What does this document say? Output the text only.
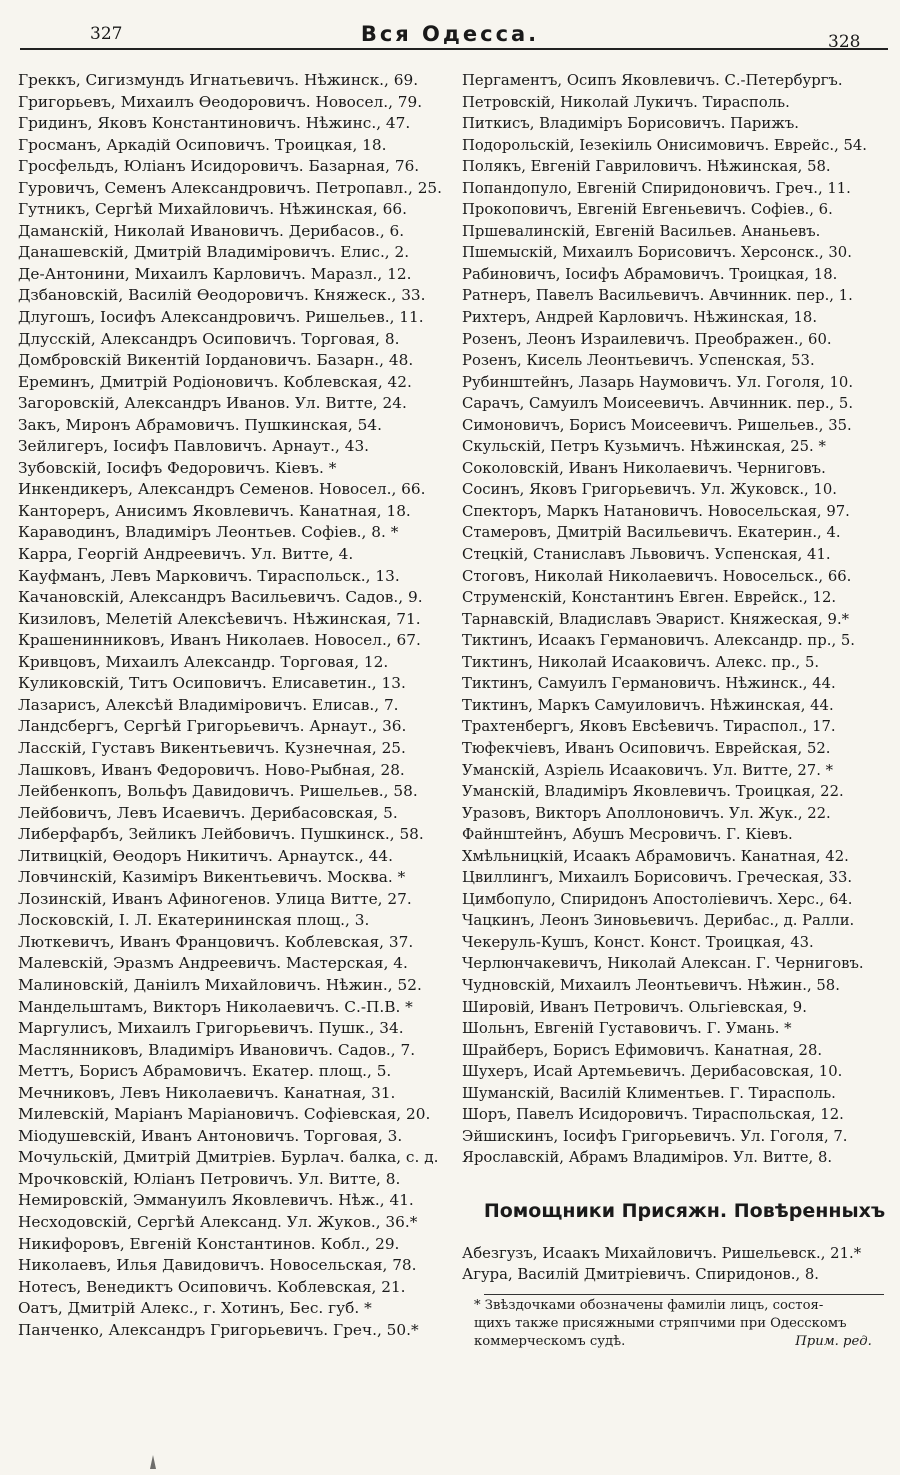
327	Вся Одесса.	328
Греккъ, Сигизмундъ Игнатьевичъ. Нѣжинск., 69.
Григорьевъ, Михаилъ Өеодоровичъ. Новосел., 79.
Гридинъ, Яковъ Константиновичъ. Нѣжинс., 47.
Гросманъ, Аркадій Осиповичъ. Троицкая, 18.
Гросфельдъ, Юліанъ Исидоровичъ. Базарная, 76.
Гуровичъ, Семенъ Александровичъ. Петропавл., 25.
Гутникъ, Сергѣй Михайловичъ. Нѣжинская, 66.
Даманскій, Николай Ивановичъ. Дерибасов., 6.
Данашевскій, Дмитрій Владиміровичъ. Елис., 2.
Де-Антонини, Михаилъ Карловичъ. Маразл., 12.
Дзбановскій, Василій Өеодоровичъ. Княжеск., 33.
Длугошъ, Іосифъ Александровичъ. Ришельев., 11.
Длусскій, Александръ Осиповичъ. Торговая, 8.
Домбровскій Викентій Іордановичъ. Базарн., 48.
Ереминъ, Дмитрій Родіоновичъ. Коблевская, 42.
Загоровскій, Александръ Иванов. Ул. Витте, 24.
Закъ, Миронъ Абрамовичъ. Пушкинская, 54.
Зейлигеръ, Іосифъ Павловичъ. Арнаут., 43.
Зубовскій, Іосифъ Федоровичъ. Кіевъ. *
Инкендикеръ, Александръ Семенов. Новосел., 66.
Кантореръ, Анисимъ Яковлевичъ. Канатная, 18.
Караводинъ, Владиміръ Леонтьев. Софіев., 8. *
Карра, Георгій Андреевичъ. Ул. Витте, 4.
Кауфманъ, Левъ Марковичъ. Тираспольск., 13.
Качановскій, Александръ Васильевичъ. Садов., 9.
Кизиловъ, Мелетій Алексѣевичъ. Нѣжинская, 71.
Крашенинниковъ, Иванъ Николаев. Новосел., 67.
Кривцовъ, Михаилъ Александр. Торговая, 12.
Куликовскій, Титъ Осиповичъ. Елисаветин., 13.
Лазарисъ, Алексѣй Владиміровичъ. Елисав., 7.
Ландсбергъ, Сергѣй Григорьевичъ. Арнаут., 36.
Ласскій, Густавъ Викентьевичъ. Кузнечная, 25.
Лашковъ, Иванъ Федоровичъ. Ново-Рыбная, 28.
Лейбенкопъ, Вольфъ Давидовичъ. Ришельев., 58.
Лейбовичъ, Левъ Исаевичъ. Дерибасовская, 5.
Либерфарбъ, Зейликъ Лейбовичъ. Пушкинск., 58.
Литвицкій, Өеодоръ Никитичъ. Арнаутск., 44.
Ловчинскій, Казиміръ Викентьевичъ. Москва. *
Лозинскій, Иванъ Афиногенов. Улица Витте, 27.
Лосковскій, І. Л. Екатерининская площ., 3.
Люткевичъ, Иванъ Францовичъ. Коблевская, 37.
Малевскій, Эразмъ Андреевичъ. Мастерская, 4.
Малиновскій, Даніилъ Михайловичъ. Нѣжин., 52.
Мандельштамъ, Викторъ Николаевичъ. С.-П.В. *
Маргулисъ, Михаилъ Григорьевичъ. Пушк., 34.
Маслянниковъ, Владиміръ Ивановичъ. Садов., 7.
Меттъ, Борисъ Абрамовичъ. Екатер. площ., 5.
Мечниковъ, Левъ Николаевичъ. Канатная, 31.
Милевскій, Маріанъ Маріановичъ. Софіевская, 20.
Міодушевскій, Иванъ Антоновичъ. Торговая, 3.
Мочульскій, Дмитрій Дмитріев. Бурлач. балка, с. д.
Мрочковскій, Юліанъ Петровичъ. Ул. Витте, 8.
Немировскій, Эммануилъ Яковлевичъ. Нѣж., 41.
Несходовскій, Сергѣй Александ. Ул. Жуков., 36.*
Никифоровъ, Евгеній Константинов. Кобл., 29.
Николаевъ, Илья Давидовичъ. Новосельская, 78.
Нотесъ, Венедиктъ Осиповичъ. Коблевская, 21.
Оатъ, Дмитрій Алекс., г. Хотинъ, Бес. губ. *
Панченко, Александръ Григорьевичъ. Греч., 50.*
Пергаментъ, Осипъ Яковлевичъ. С.-Петербургъ.
Петровскій, Николай Лукичъ. Тирасполь.
Питкисъ, Владиміръ Борисовичъ. Парижъ.
Подорольскій, Іезекіиль Онисимовичъ. Еврейс., 54.
Полякъ, Евгеній Гавриловичъ. Нѣжинская, 58.
Попандопуло, Евгеній Спиридоновичъ. Греч., 11.
Прокоповичъ, Евгеній Евгеньевичъ. Софіев., 6.
Пршевалинскій, Евгеній Васильев. Ананьевъ.
Пшемыскій, Михаилъ Борисовичъ. Херсонск., 30.
Рабиновичъ, Іосифъ Абрамовичъ. Троицкая, 18.
Ратнеръ, Павелъ Васильевичъ. Авчинник. пер., 1.
Рихтеръ, Андрей Карловичъ. Нѣжинская, 18.
Розенъ, Леонъ Израилевичъ. Преображен., 60.
Розенъ, Кисель Леонтьевичъ. Успенская, 53.
Рубинштейнъ, Лазарь Наумовичъ. Ул. Гоголя, 10.
Сарачъ, Самуилъ Моисеевичъ. Авчинник. пер., 5.
Симоновичъ, Борисъ Моисеевичъ. Ришельев., 35.
Скульскій, Петръ Кузьмичъ. Нѣжинская, 25. *
Соколовскій, Иванъ Николаевичъ. Черниговъ.
Сосинъ, Яковъ Григорьевичъ. Ул. Жуковск., 10.
Спекторъ, Маркъ Натановичъ. Новосельская, 97.
Стамеровъ, Дмитрій Васильевичъ. Екатерин., 4.
Стецкій, Станиславъ Львовичъ. Успенская, 41.
Стоговъ, Николай Николаевичъ. Новосельск., 66.
Струменскій, Константинъ Евген. Еврейск., 12.
Тарнавскій, Владиславъ Эварист. Княжеская, 9.*
Тиктинъ, Исаакъ Германовичъ. Александр. пр., 5.
Тиктинъ, Николай Исааковичъ. Алекс. пр., 5.
Тиктинъ, Самуилъ Германовичъ. Нѣжинск., 44.
Тиктинъ, Маркъ Самуиловичъ. Нѣжинская, 44.
Трахтенбергъ, Яковъ Евсѣевичъ. Тираспол., 17.
Тюфекчіевъ, Иванъ Осиповичъ. Еврейская, 52.
Уманскій, Азріель Исааковичъ. Ул. Витте, 27. *
Уманскій, Владиміръ Яковлевичъ. Троицкая, 22.
Уразовъ, Викторъ Аполлоновичъ. Ул. Жук., 22.
Файнштейнъ, Абушъ Месровичъ. Г. Кіевъ.
Хмѣльницкій, Исаакъ Абрамовичъ. Канатная, 42.
Цвиллингъ, Михаилъ Борисовичъ. Греческая, 33.
Цимбопуло, Спиридонъ Апостоліевичъ. Херс., 64.
Чацкинъ, Леонъ Зиновьевичъ. Дерибас., д. Ралли.
Чекеруль-Кушъ, Конст. Конст. Троицкая, 43.
Черлюнчакевичъ, Николай Алексан. Г. Черниговъ.
Чудновскій, Михаилъ Леонтьевичъ. Нѣжин., 58.
Шировій, Иванъ Петровичъ. Ольгіевская, 9.
Шольнъ, Евгеній Густавовичъ. Г. Умань. *
Шрайберъ, Борисъ Ефимовичъ. Канатная, 28.
Шухеръ, Исай Артемьевичъ. Дерибасовская, 10.
Шуманскій, Василій Климентьев. Г. Тирасполь.
Шоръ, Павелъ Исидоровичъ. Тираспольская, 12.
Эйшискинъ, Іосифъ Григорьевичъ. Ул. Гоголя, 7.
Ярославскій, Абрамъ Владиміров. Ул. Витте, 8.
Помощники Присяжн. Повѣренныхъ
Абезгузъ, Исаакъ Михайловичъ. Ришельевск., 21.*
Агура, Василій Дмитріевичъ. Спиридонов., 8.
* Звѣздочками обозначены фамиліи лицъ, состоя-
щихъ также присяжными стряпчими при Одесскомъ
коммерческомъ судѣ.	Прим. ред.
